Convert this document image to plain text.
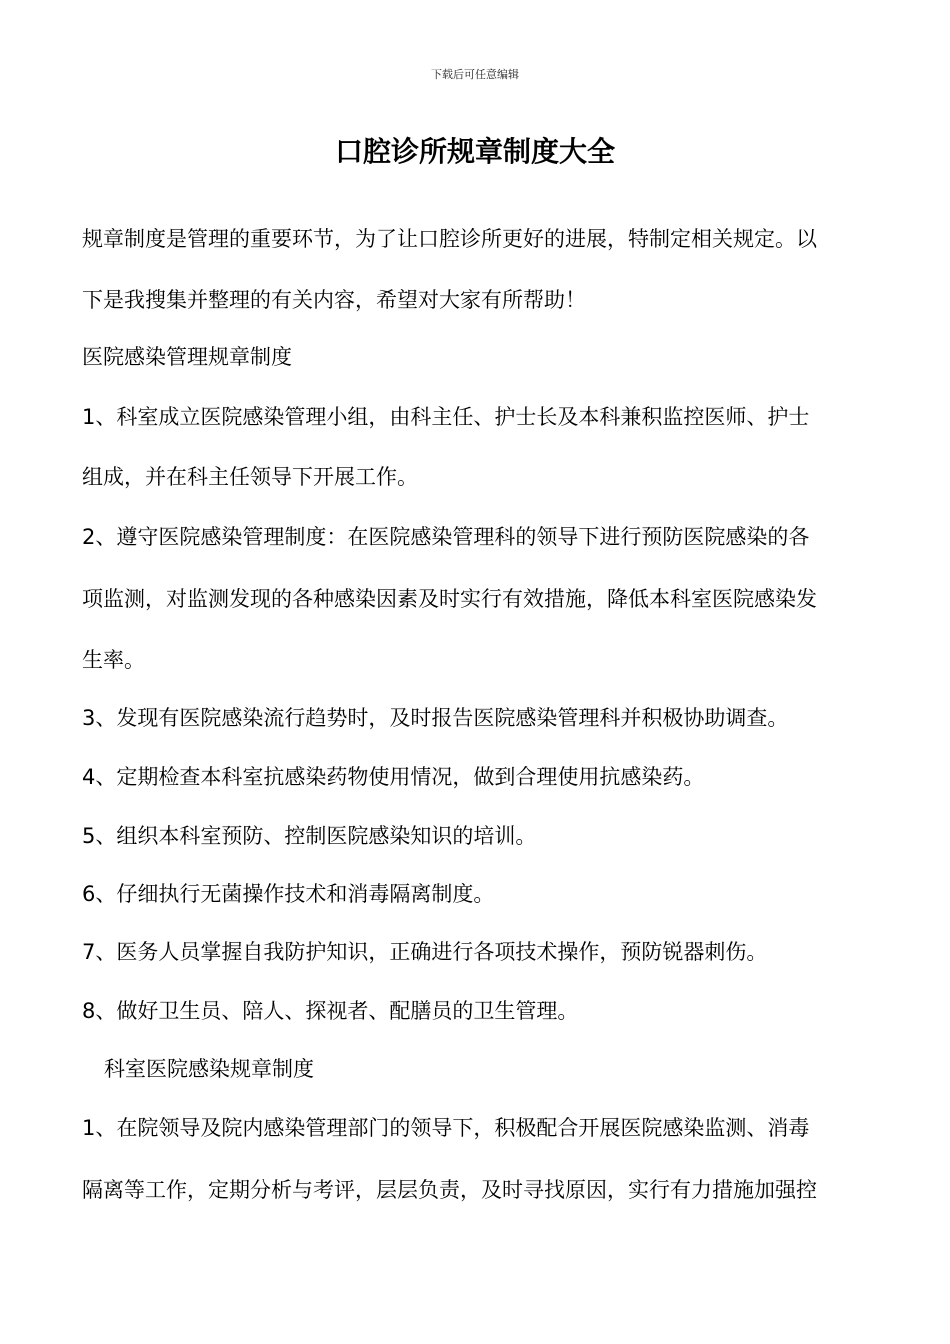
下载后可任意编辑
口腔诊所规章制度大全

规章制度是管理的重要环节，为了让口腔诊所更好的进展，特制定相关规定。以

下是我搜集并整理的有关内容，希望对大家有所帮助！

医院感染管理规章制度

1、科室成立医院感染管理小组，由科主任、护士长及本科兼积监控医师、护士

组成，并在科主任领导下开展工作。

2、遵守医院感染管理制度：在医院感染管理科的领导下进行预防医院感染的各

项监测，对监测发现的各种感染因素及时实行有效措施，降低本科室医院感染发

生率。

3、发现有医院感染流行趋势时，及时报告医院感染管理科并积极协助调查。

4、定期检查本科室抗感染药物使用情况，做到合理使用抗感染药。

5、组织本科室预防、控制医院感染知识的培训。

6、仔细执行无菌操作技术和消毒隔离制度。

7、医务人员掌握自我防护知识，正确进行各项技术操作，预防锐器刺伤。

8、做好卫生员、陪人、探视者、配膳员的卫生管理。

科室医院感染规章制度

1、在院领导及院内感染管理部门的领导下，积极配合开展医院感染监测、消毒

隔离等工作，定期分析与考评，层层负责，及时寻找原因，实行有力措施加强控
